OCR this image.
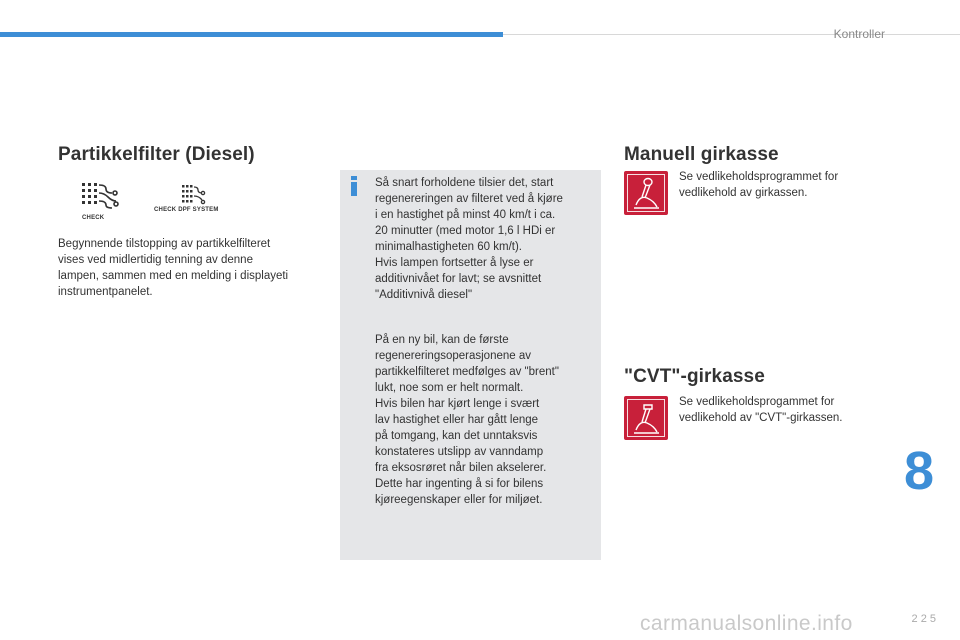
Kontroller
Partikkelfilter (Diesel)
CHECK
CHECK DPF SYSTEM
Begynnende tilstopping av partikkelfilteret
vises ved midlertidig tenning av denne
lampen, sammen med en melding i displayeti
instrumentpanelet.
Så snart forholdene tilsier det, start
regenereringen av filteret ved å kjøre
i en hastighet på minst 40 km/t i ca.
20 minutter (med motor 1,6 l HDi er
minimalhastigheten 60 km/t).
Hvis lampen fortsetter å lyse er
additivnivået for lavt; se avsnittet
"Additivnivå diesel"
På en ny bil, kan de første
regenereringsoperasjonene av
partikkelfilteret medfølges av "brent"
lukt, noe som er helt normalt.
Hvis bilen har kjørt lenge i svært
lav hastighet eller har gått lenge
på tomgang, kan det unntaksvis
konstateres utslipp av vanndamp
fra eksosrøret når bilen akselerer.
Dette har ingenting å si for bilens
kjøreegenskaper eller for miljøet.
Manuell girkasse
Se vedlikeholdsprogrammet for
vedlikehold av girkassen.
"CVT"-girkasse
Se vedlikeholdsprogammet for
vedlikehold av "CVT"-girkassen.
8
carmanualsonline.info	2 2 5
